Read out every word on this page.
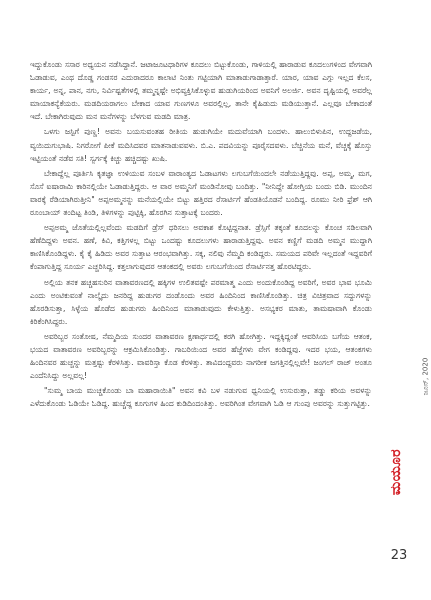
ಇದ್ದುಕೊಂಡು ಸಸಾರ ಅಧ್ಯಯನ ನಡೆಸಿದ್ದಾನೆ. ಜಟಾಜೂಟಧಾರಿಗಳ ಕೂದಲು ಬಿಟ್ಟುಕೊಂಡು, ಗಾಳಿಯಲ್ಲಿ ಹಾರಾಡುವ ಕೂದಲುಗಳಿಂದ ವೇಗವಾಗಿ ಓಡಾಡುವ, ಎಂಥ ದೊಡ್ಡ ಗಂಡಸರ ಎದುರಾದರೂ ಕಾಲಾಟಿ ನಿಂತು ಗಟ್ಟಿಯಾಗಿ ಮಾತಾಡುಗಾಡಾತ್ತಾರೆ. ಯಾರ, ಯಾವ ಎಗ್ಗು ಇಲ್ಲದ ಕೆಲಸ, ಕಾರ್ಯ, ಅನ್ನ, ಪಾನ, ನಗು, ನಿರ್ವಿಷ್ಟತೆಗಳಲ್ಲಿ ತಮ್ಮನ್ನಷ್ಟೇ ಅಭಿವ್ಯಕ್ತಿಸಿಕೊಳ್ಳುವ ಹುಡುಗಿಯರಿಂದ ಅವನಿಗೆ ಅಲರ್ಜಿ. ಅವನ ದೃಷ್ಟಿಯಲ್ಲಿ ಅವರೆಲ್ಲ ಮಾಯಾಕನ್ಯೆಕೆಯರು. ಮಡದಿಯರಾಗಲು ಬೇಕಾದ ಯಾವ ಗುಣಗಳೂ ಅವರಲ್ಲಿಲ್ಲ, ತಾನೇ ಕೈಹಿಡುದು ಮಡಿಯುತ್ತಾನೆ. ಎಲ್ಲವೂ ಬೇಕಾದಂತೆ ಇದೆ. ಬೇಕಾಗಿರುವುದು ಮನ ಮನೆಗಳನ್ನು ಬೆಳಗುವ ಮಡದಿ ಮಾತ್ರ.

ಒಳಗು ಜಸ್ಟಿಗೆ ಪುಣ್ಣ! ಅವನು ಬಯಸುವಂತಹ ರೀತಿಯ ಹುಡುಗಿಯೇ ಮದುವೆಯಾಗಿ ಬಂದಳು. ಹಾಲುಬಿಳುಪಿನ, ಉದ್ದಜಡೆಯ, ವ್ಯಯಿದುಗುಭಾಷಿ. ನಿಗರೋಗೆ ಪೀಕೆ ಮದಿಸಿದವರ ಮಾತನಾಡುವವಳು. ಬಿ.ಎ. ಪದವಿಯನ್ನು ಪೂರೈಸದವಳು. ಬೆಚ್ಚಿನೆಯ ಮನೆ, ವೆಚ್ಚಕ್ಕೆ ಹೊಸ್ತು ಇಟ್ಟಿಯಂತೆ ನಡೆವ ಸತಿ! ಸ್ವರ್ಗಕ್ಕೆ ಕಿಚ್ಚು ಹಚ್ಚಿದಷ್ಟು ಖುಷಿ.

ಬೇಕಾದ್ದೆಲ್ಲ ಪೂರ್ತಿಸಿ ಕೃತಜ್ಞಾ ಉಳಿಯುವ ಸಂಬಳ ವಾರಾಂತ್ಯದ ಓಡಾಟಗಳು ಲಗುಬಗೆಯಿಂದಲೇ ನಡೆಯುತ್ತಿದ್ದವು. ಅಪ್ಪ, ಅಮ್ಮ, ಮಗ, ಸೊಸೆ ಐಷಾರಾಮಿ ಕಾರಿನಲ್ಲಿಯೇ ಓಡಾಡುತ್ತಿದ್ದರು. ಆ ವಾರ ಅಮ್ಮನಿಗೆ ಮಂಡಿನೋವು ಬಂದಿತ್ತು. "ನೀನಿದ್ದೇ ಹೋಗ್ತಿಯ ಬಂದು ಬಿಡಿ. ಮುಂದಿನ ವಾರಕ್ಕೆ ರೆಡಿಯಾಗಿರುತ್ತೀನಿ" ಅಪ್ಪಅಮ್ಮನನ್ನು ಮನೆಯಲ್ಲಿಯೇ ಬಿಟ್ಟು ಹತ್ತಿರದ ರೆಸಾರ್ಟಿಗೆ ಹೆಂಡತಿಯೊಡನೆ ಬಂದಿದ್ದ. ರೂಮು ನೀರಿ ಫ್ರೆಶ್ ಆಗಿ ರೂಂಬಾಯ್ ತಂದಿಟ್ಟ ತಿಂಡಿ, ತಿಳಿಗಳನ್ನು ಪುಟ್ಟಿಕ್ಕಿ, ಹೊರಗಿನ ಸುತ್ತಾಟಕ್ಕೆ ಬಂದರು.

ಅಪ್ಪಅಮ್ಮ ಜೊತೆಯಲ್ಲಿಲ್ಲವೆಂದು ಮಡದಿಗೆ ಡ್ರೆಸ್ ಧರಿಸಲು ಅವಕಾಶ ಕೊಟ್ಟಿದ್ದನಾತ. ಡ್ರೆಸ್ಸಿಗೆ ತಕ್ಕಂತೆ ಕೂದಲನ್ನು ಕೊಂಚ ಸಡಿಲವಾಗಿ ಹೆಣೆದಿದ್ದಳು ಅವನ. ಹಣೆ, ಕಿವಿ, ಕತ್ತಿಗಳಲ್ಲ ಬಿಟ್ಟು ಒಂದಷ್ಟು ಕೂದಲುಗಳು ಹಾರಾಡುತ್ತಿದ್ದವು. ಅವನ ಕಣ್ಣಿಗೆ ಮಡದಿ ಅಮ್ಮನ ಮುದ್ದಾಗಿ ಕಾಣಿಸಿಕೊಂಡಿದ್ದಳು. ಕೈ ಕೈ ಹಿಡಿದು ಅವರ ಸುತ್ತಾಟ ಆರಂಭವಾಗಿತ್ತು. ಸಕ್ಕ, ನಲಿವು ನೆಮ್ಮದಿ ಕಂಡಿದ್ದರು. ಸಮಯದ ಪರಿವೇ ಇಲ್ಲದಂತೆ ಇದ್ದವರಿಗೆ ಕೆಂಪಾಗುತ್ತಿದ್ದ ಸೂರ್ಯ ಎಚ್ಚರಿಸಿದ್ದ. ಕತ್ತಲಾಗುವುದರ ಆತಂಕದಲ್ಲಿ ಅವರು ಲಗುಬಗೆಯಿಂದ ರೆಸಾರ್ಟಿನತ್ತ ಹೊರಟಿದ್ದರು.

ಅಲ್ಲಿಯ ತನಕ ಹಚ್ಚಹಸುರಿನ ವಾತಾವರಣದಲ್ಲಿ ಹಕ್ಕಿಗಳ ಉಲಿತವಷ್ಟೇ ಪರಮಾತ್ಮ ಎಂದು ಅಂದುಕೊಂಡಿದ್ದ ಅವರಿಗೆ, ಅವರ ಭಾವ ಭೂಮಿ ಎಂದು ಅಂಟಿಕುವಂತೆ ನಾಲ್ಕೈದು ಜನರಿದ್ದ ಹುಡುಗರ ದಂಡೊಂದು ಅವರ ಹಿಂದಿನಿಂದ ಕಾಣಿಸಿಕೊಂಡಿತ್ತು. ಚಿತ್ರ ವಿಚಿತ್ರವಾದ ಸದ್ದುಗಳನ್ನು ಹೊರಡಿಸುತ್ತಾ, ಸಿಳ್ಳೆಯ ಹೊಡೆದ ಹುಡುಗರು ಹಿಂದಿನಿಂದ ಮಾತಾಡುವುದು ಕೇಳುತ್ತಿತ್ತು. ಅಸಭ್ಯಕರ ಮಾತು, ತಾಮಷಾವಾಗಿ ಕೊಂಡು ಕಿರಿಕೆಂಗಿಸಿದ್ದರು.

ಅವರಿಬ್ಬರ ಸಂತೋಷ, ನೆಮ್ಮದಿಯ ಸುಂದರ ವಾತಾವರಣ ಕ್ಷಣಾರ್ಧದಲ್ಲಿ ಕರಗಿ ಹೋಗಿತ್ತು. ಇದ್ದಕ್ಕಿದ್ದಂತೆ ಆವರಿಸಿಯ ಬಗೆಯ ಆತಂಕ, ಭಯದ ವಾತಾವರಣ ಅವರಿಬ್ಬರನ್ನು ಆಕ್ರಮಿಸಿಕೊಂಡಿತ್ತು. ಗಾಬರಿಯಿಂದ ಅವರ ಹೆಜ್ಜೆಗಳು ವೇಗ ಕಂಡಿದ್ದವು. ಇದರ ಭಯ, ಆತಂಕಗಳು ಹಿಂದಿನವರ ಹುಚ್ಚನ್ನು ಮತ್ತಷ್ಟು ಕೆರಳಿಸಿತ್ತು. ವಾವರಿಸ್ತಾ ಕೊಡ ಕೆರಳಿತ್ತು. ತಾವಿದಂದ್ದವರು ನಾಗರೀಕ ಜಗತ್ತಿನಲ್ಲಿಲ್ಲವೇ! ಜಂಗಲ್ ರಾಜ್ ಅಂತೂ ಎಂದೆನಿಸಿದ್ದು ಅಲ್ಲವಲ್ಲ!

"ಸುಮ್ಮ ಬಾಯ ಮುಚ್ಚಕೊಂಡು ಬಾ ಮಹಾರಾಯಿತಿ" ಅವನ ಕವಿ ಬಳ ನಡುಗುವ ಧ್ವನಿಯಲ್ಲಿ ಉಸುರುತ್ತಾ, ತಡ್ಡು ಕರಿಯ ಅವಳನ್ನು ಎಳೆದುಕೊಂಡು ಓಡಿಯೇ ಓಡಿದ್ದ. ಹುಚ್ಚೆದ್ದ ಕೂಗುಗಳ ಹಿಂದ ಕುಡಿದಿಂದಂತಿತ್ತು. ಅವರಿಗಿಂತ ವೇಗವಾಗಿ ಓಡಿ ಆ ಗುಂಪು ಅವರನ್ನು ಸುತ್ತುಗಟ್ಟಿತ್ತು.

ಜೂನ್, 2020
ಮಯೂರ
23
